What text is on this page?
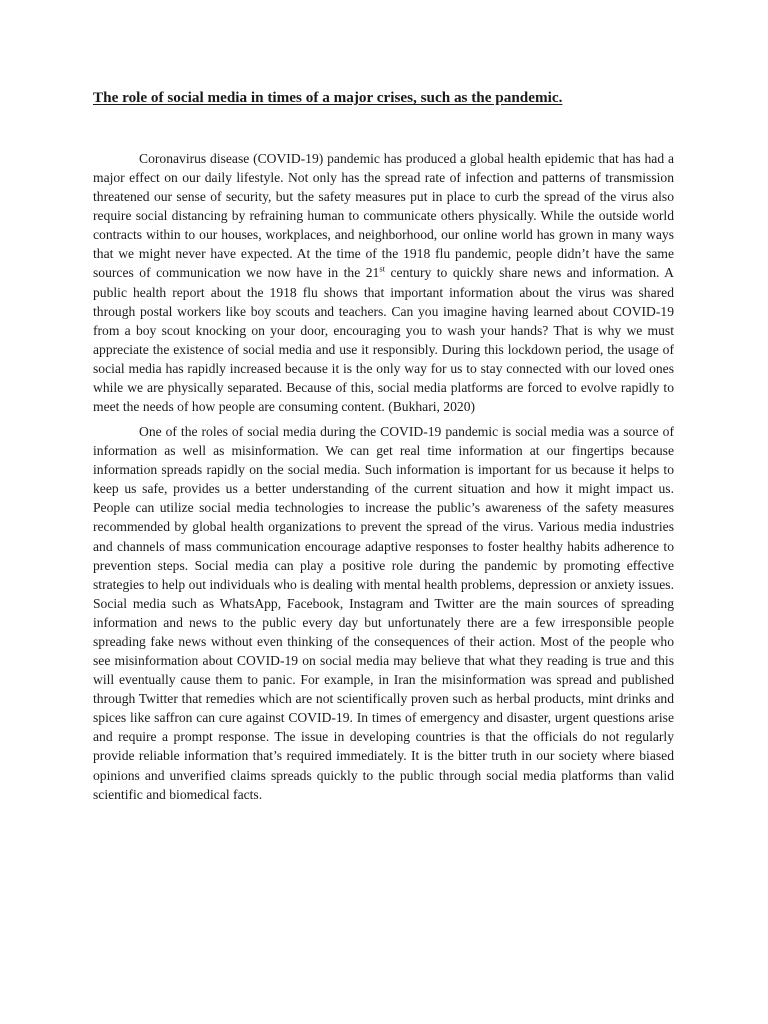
The role of social media in times of a major crises, such as the pandemic.

Coronavirus disease (COVID-19) pandemic has produced a global health epidemic that has had a major effect on our daily lifestyle. Not only has the spread rate of infection and patterns of transmission threatened our sense of security, but the safety measures put in place to curb the spread of the virus also require social distancing by refraining human to communicate others physically. While the outside world contracts within to our houses, workplaces, and neighborhood, our online world has grown in many ways that we might never have expected. At the time of the 1918 flu pandemic, people didn’t have the same sources of communication we now have in the 21st century to quickly share news and information. A public health report about the 1918 flu shows that important information about the virus was shared through postal workers like boy scouts and teachers. Can you imagine having learned about COVID-19 from a boy scout knocking on your door, encouraging you to wash your hands? That is why we must appreciate the existence of social media and use it responsibly. During this lockdown period, the usage of social media has rapidly increased because it is the only way for us to stay connected with our loved ones while we are physically separated. Because of this, social media platforms are forced to evolve rapidly to meet the needs of how people are consuming content. (Bukhari, 2020)

One of the roles of social media during the COVID-19 pandemic is social media was a source of information as well as misinformation. We can get real time information at our fingertips because information spreads rapidly on the social media. Such information is important for us because it helps to keep us safe, provides us a better understanding of the current situation and how it might impact us. People can utilize social media technologies to increase the public’s awareness of the safety measures recommended by global health organizations to prevent the spread of the virus. Various media industries and channels of mass communication encourage adaptive responses to foster healthy habits adherence to prevention steps. Social media can play a positive role during the pandemic by promoting effective strategies to help out individuals who is dealing with mental health problems, depression or anxiety issues. Social media such as WhatsApp, Facebook, Instagram and Twitter are the main sources of spreading information and news to the public every day but unfortunately there are a few irresponsible people spreading fake news without even thinking of the consequences of their action. Most of the people who see misinformation about COVID-19 on social media may believe that what they reading is true and this will eventually cause them to panic. For example, in Iran the misinformation was spread and published through Twitter that remedies which are not scientifically proven such as herbal products, mint drinks and spices like saffron can cure against COVID-19. In times of emergency and disaster, urgent questions arise and require a prompt response. The issue in developing countries is that the officials do not regularly provide reliable information that’s required immediately. It is the bitter truth in our society where biased opinions and unverified claims spreads quickly to the public through social media platforms than valid scientific and biomedical facts.
